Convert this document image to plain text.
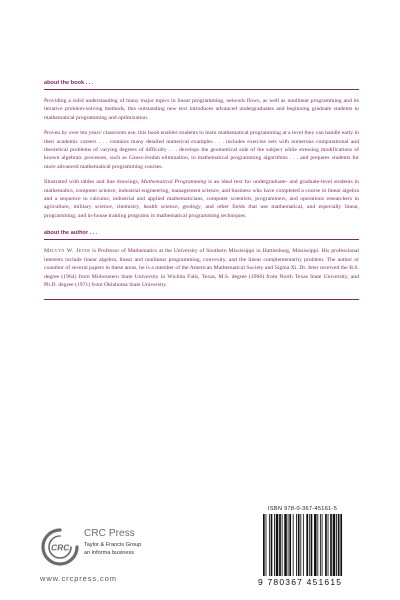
about the book . . .

Providing a solid understanding of many major topics in linear programming, network flows, as well as nonlinear programming and its iterative problem-solving methods, this outstanding new text introduces advanced undergraduates and beginning graduate students to mathematical programming and optimization.

Proven by over ten years' classroom use, this book enables students to learn mathematical programming at a level they can handle early in their academic careers . . . contains many detailed numerical examples . . . includes exercise sets with numerous computational and theoretical problems of varying degrees of difficulty . . . develops the geometrical side of the subject while stressing modifications of known algebraic processes, such as Gauss-Jordan elimination, to mathematical programming algorithms . . . and prepares students for more advanced mathematical programming courses.

Illustrated with tables and line drawings, Mathematical Programming is an ideal text for undergraduate- and graduate-level students in mathematics, computer science, industrial engineering, management science, and business who have completed a course in linear algebra and a sequence in calculus; industrial and applied mathematicians, computer scientists, programmers, and operations researchers in agriculture, military science, chemistry, health science, geology, and other fields that use mathematical, and especially linear, programming; and in-house training programs in mathematical programming techniques.

about the author . . .

Melvyn W. Jeter is Professor of Mathematics at the University of Southern Mississippi in Hattiesburg, Mississippi. His professional interests include linear algebra, linear and nonlinear programming, convexity, and the linear complementarity problem. The author or coauthor of several papers in these areas, he is a member of the American Mathematical Society and Sigma Xi. Dr. Jeter received the B.S. degree (1964) from Midwestern State University in Wichita Falls, Texas, M.S. degree (1966) from North Texas State University, and Ph.D. degree (1971) from Oklahoma State University.

CRC
CRC Press
Taylor & Francis Group
an informa business
www.crcpress.com
ISBN 978-0-367-45161-5
9 780367 451615
